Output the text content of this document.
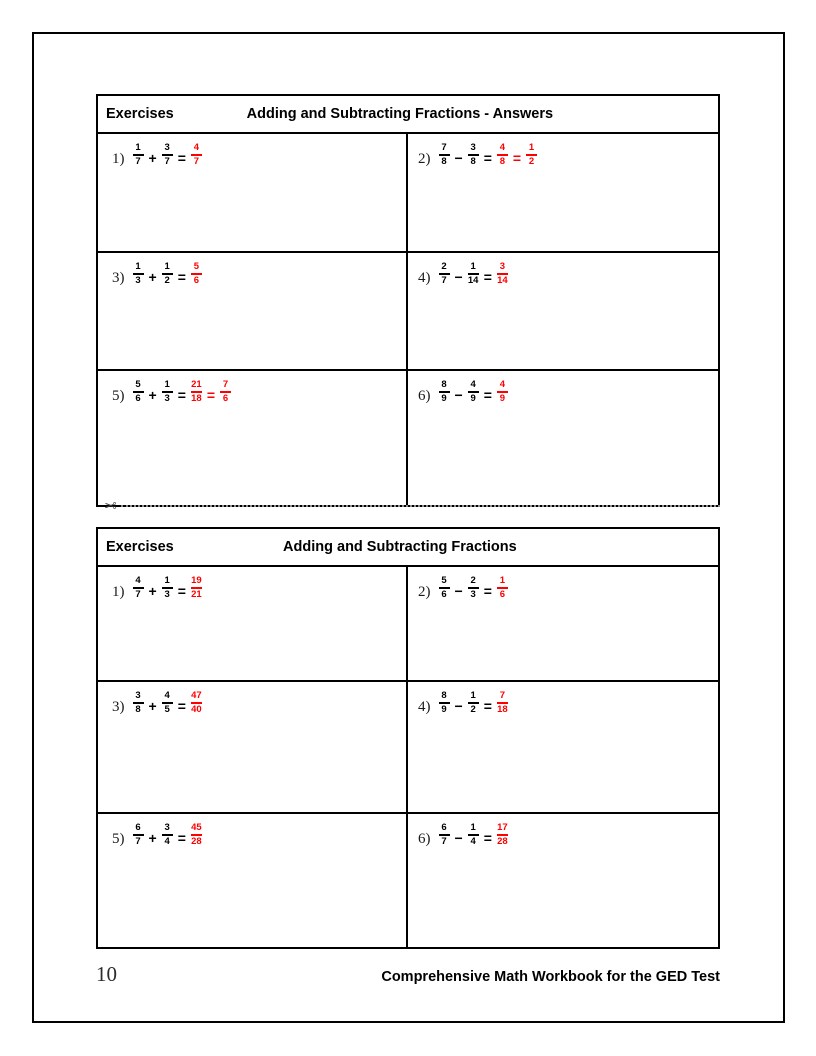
Exercises	Adding and Subtracting Fractions - Answers
$1) \frac{1}{7} + \frac{3}{7} = \frac{4}{7}$	$2) \frac{7}{8} - \frac{3}{8} = \frac{4}{8} = \frac{1}{2}$
$3) \frac{1}{3} + \frac{1}{2} = \frac{5}{6}$	$4) \frac{2}{7} - \frac{1}{14} = \frac{3}{14}$
$5) \frac{5}{6} + \frac{1}{3} = \frac{21}{18} = \frac{7}{6}$	$6) \frac{8}{9} - \frac{4}{9} = \frac{4}{9}$
✂
Exercises	Adding and Subtracting Fractions
$1) \frac{4}{7} + \frac{1}{3} = \frac{19}{21}$	$2) \frac{5}{6} - \frac{2}{3} = \frac{1}{6}$
$3) \frac{3}{8} + \frac{4}{5} = \frac{47}{40}$	$4) \frac{8}{9} - \frac{1}{2} = \frac{7}{18}$
$5) \frac{6}{7} + \frac{3}{4} = \frac{45}{28}$	$6) \frac{6}{7} - \frac{1}{4} = \frac{17}{28}$
10	Comprehensive Math Workbook for the GED Test
